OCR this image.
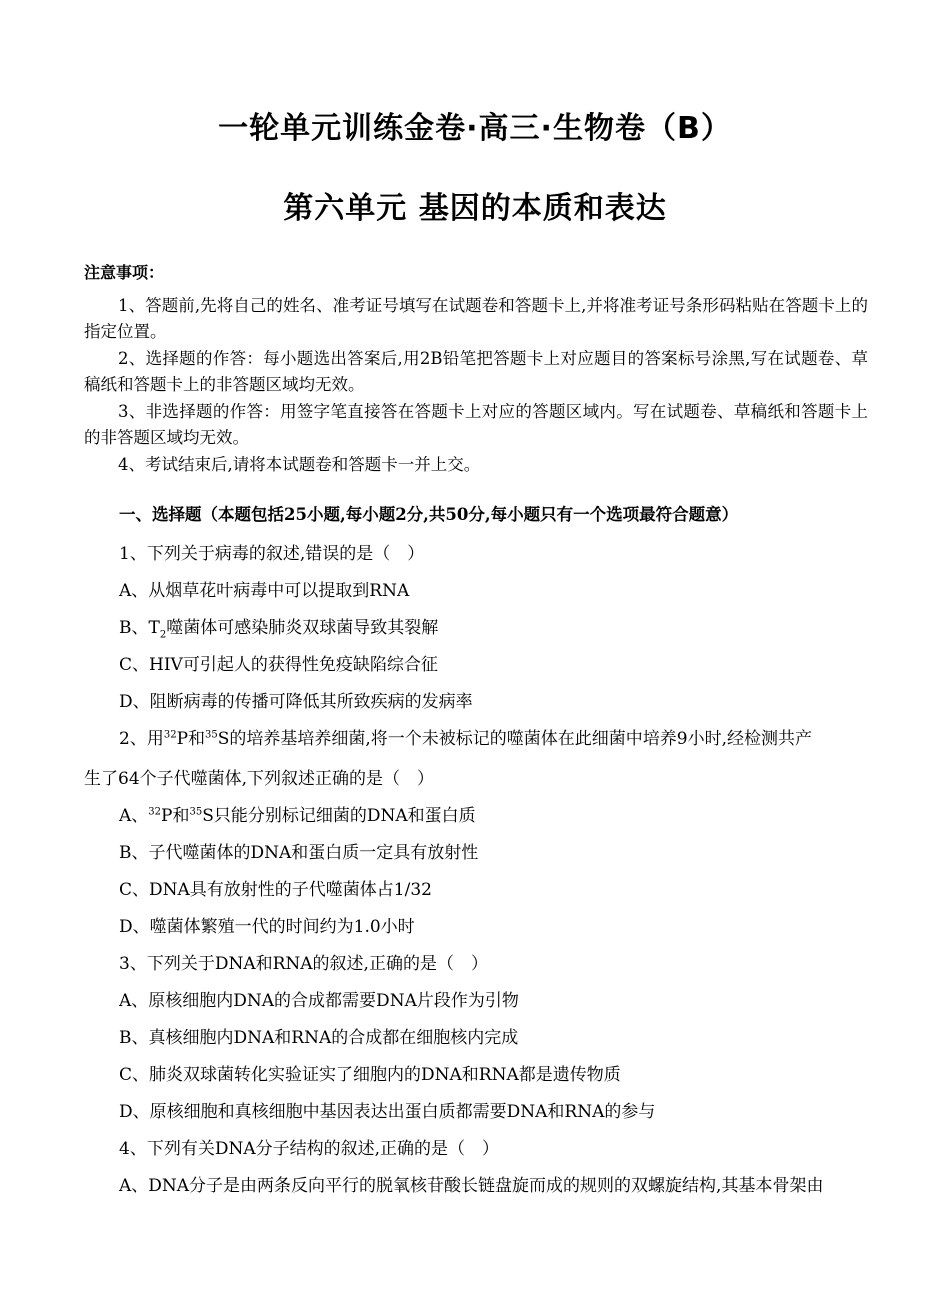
一轮单元训练金卷·高三·生物卷（B）
第六单元 基因的本质和表达
注意事项：
1、答题前,先将自己的姓名、准考证号填写在试题卷和答题卡上,并将准考证号条形码粘贴在答题卡上的指定位置。
2、选择题的作答：每小题选出答案后,用2B铅笔把答题卡上对应题目的答案标号涂黑,写在试题卷、草稿纸和答题卡上的非答题区域均无效。
3、非选择题的作答：用签字笔直接答在答题卡上对应的答题区域内。写在试题卷、草稿纸和答题卡上的非答题区域均无效。
4、考试结束后,请将本试题卷和答题卡一并上交。
一、选择题（本题包括25小题,每小题2分,共50分,每小题只有一个选项最符合题意）
1、下列关于病毒的叙述,错误的是（　）
A、从烟草花叶病毒中可以提取到RNA
B、$T_2$噬菌体可感染肺炎双球菌导致其裂解
C、HIV可引起人的获得性免疫缺陷综合征
D、阻断病毒的传播可降低其所致疾病的发病率
2、用$^{32}$P和$^{35}$S的培养基培养细菌,将一个未被标记的噬菌体在此细菌中培养9小时,经检测共产
生了64个子代噬菌体,下列叙述正确的是（　）
A、$^{32}$P和$^{35}$S只能分别标记细菌的DNA和蛋白质
B、子代噬菌体的DNA和蛋白质一定具有放射性
C、DNA具有放射性的子代噬菌体占1/32
D、噬菌体繁殖一代的时间约为1.0小时
3、下列关于DNA和RNA的叙述,正确的是（　）
A、原核细胞内DNA的合成都需要DNA片段作为引物
B、真核细胞内DNA和RNA的合成都在细胞核内完成
C、肺炎双球菌转化实验证实了细胞内的DNA和RNA都是遗传物质
D、原核细胞和真核细胞中基因表达出蛋白质都需要DNA和RNA的参与
4、下列有关DNA分子结构的叙述,正确的是（　）
A、DNA分子是由两条反向平行的脱氧核苷酸长链盘旋而成的规则的双螺旋结构,其基本骨架由
